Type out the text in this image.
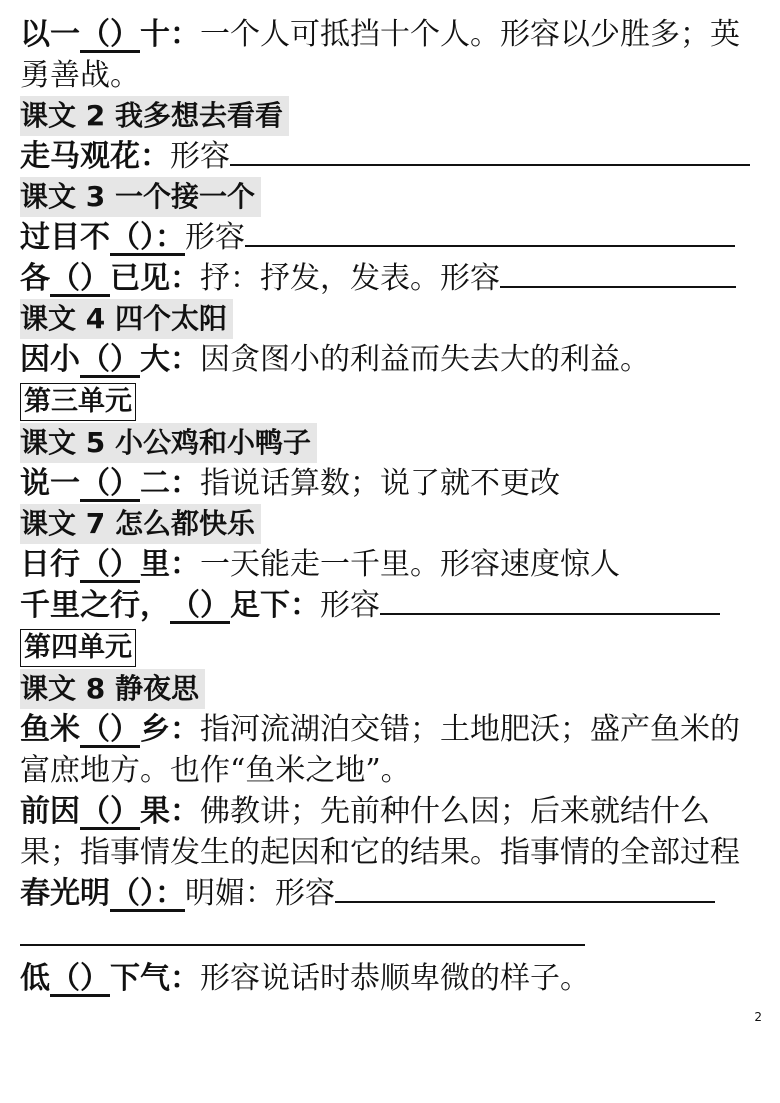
以一（）十：一个人可抵挡十个人。形容以少胜多；英勇善战。
课文 2 我多想去看看
走马观花：形容
课文 3 一个接一个
过目不（）：形容
各（）已见：抒：抒发，发表。形容
课文 4 四个太阳
因小（）大：因贪图小的利益而失去大的利益。
第三单元
课文 5 小公鸡和小鸭子
说一（）二：指说话算数；说了就不更改
课文 7 怎么都快乐
日行（）里：一天能走一千里。形容速度惊人
千里之行，（）足下：形容
第四单元
课文 8 静夜思
鱼米（）乡：指河流湖泊交错；土地肥沃；盛产鱼米的富庶地方。也作“鱼米之地”。
前因（）果：佛教讲；先前种什么因；后来就结什么果；指事情发生的起因和它的结果。指事情的全部过程
春光明（）：明媚：形容
低（）下气：形容说话时恭顺卑微的样子。
2
